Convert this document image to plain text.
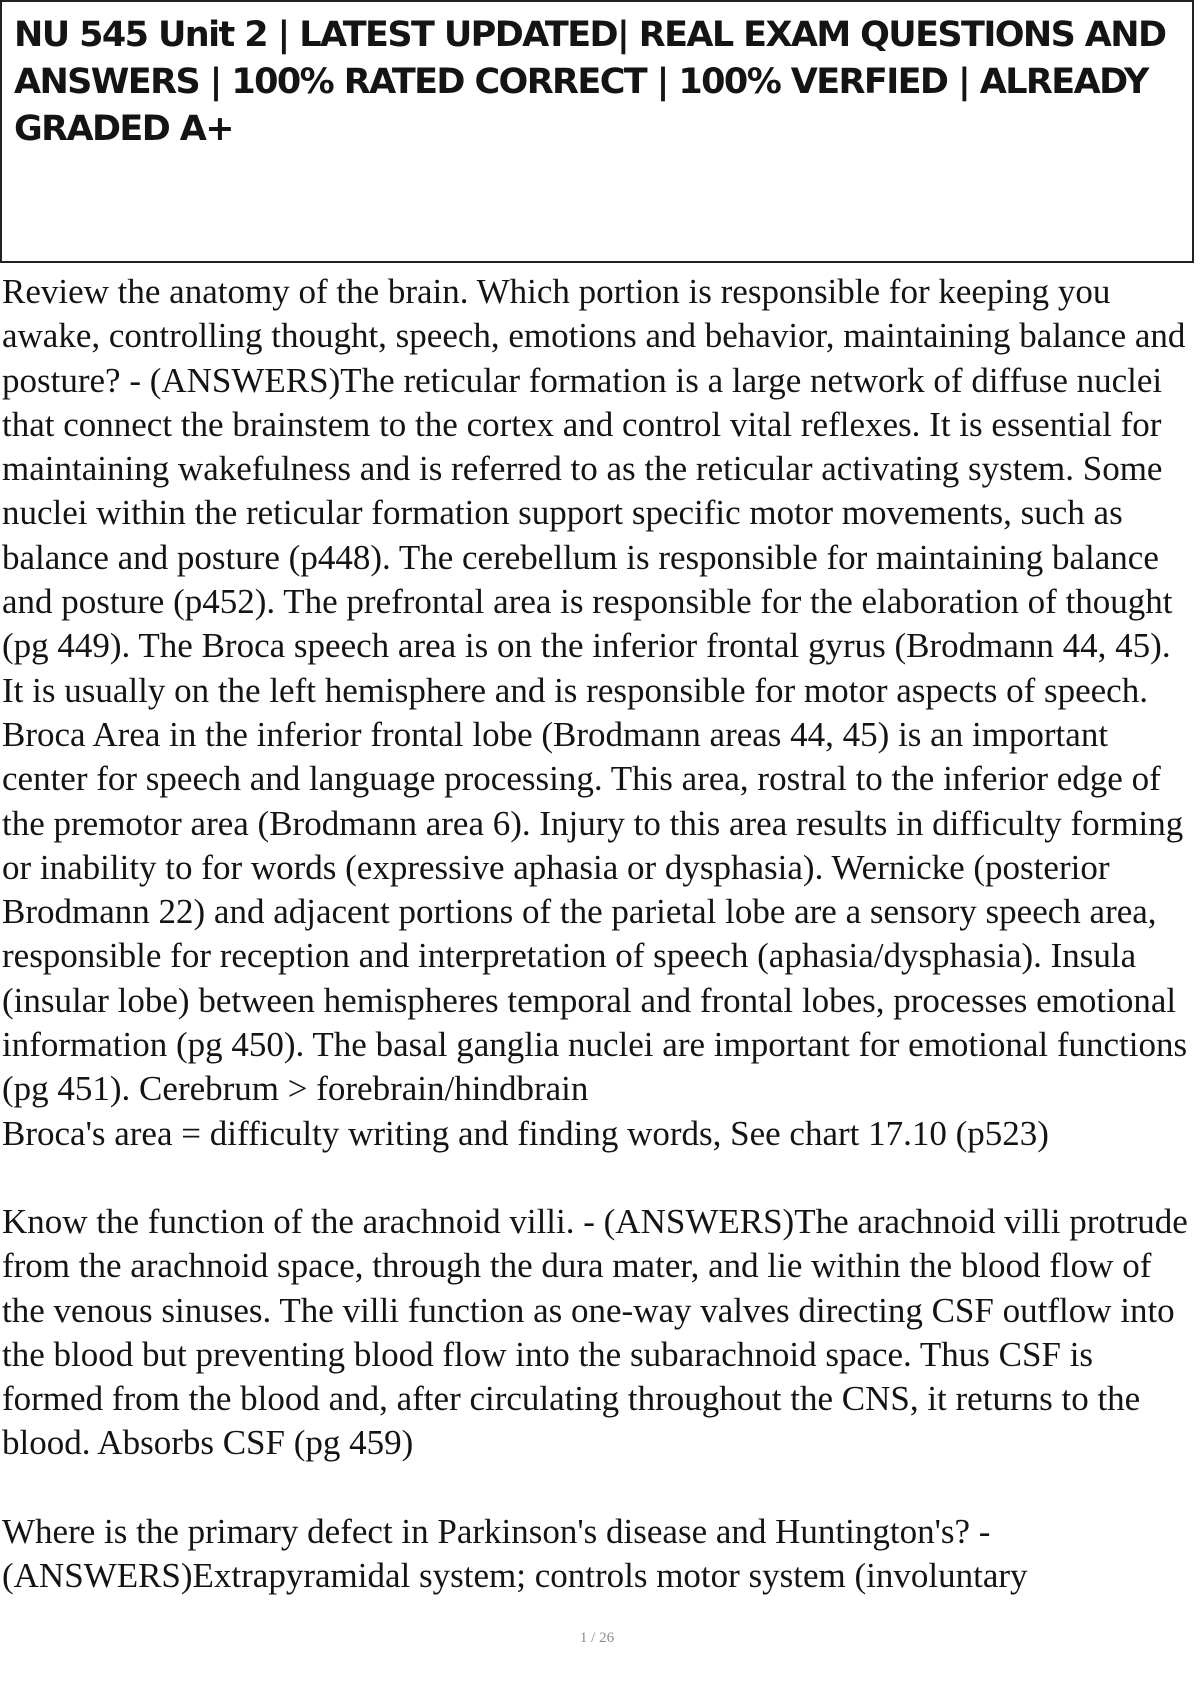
NU 545 Unit 2 | LATEST UPDATED| REAL EXAM QUESTIONS AND ANSWERS | 100% RATED CORRECT | 100% VERFIED | ALREADY GRADED A+

Review the anatomy of the brain. Which portion is responsible for keeping you awake, controlling thought, speech, emotions and behavior, maintaining balance and posture? - (ANSWERS)The reticular formation is a large network of diffuse nuclei that connect the brainstem to the cortex and control vital reflexes. It is essential for maintaining wakefulness and is referred to as the reticular activating system. Some nuclei within the reticular formation support specific motor movements, such as balance and posture (p448). The cerebellum is responsible for maintaining balance and posture (p452). The prefrontal area is responsible for the elaboration of thought (pg 449). The Broca speech area is on the inferior frontal gyrus (Brodmann 44, 45). It is usually on the left hemisphere and is responsible for motor aspects of speech. Broca Area in the inferior frontal lobe (Brodmann areas 44, 45) is an important center for speech and language processing. This area, rostral to the inferior edge of the premotor area (Brodmann area 6). Injury to this area results in difficulty forming or inability to for words (expressive aphasia or dysphasia). Wernicke (posterior Brodmann 22) and adjacent portions of the parietal lobe are a sensory speech area, responsible for reception and interpretation of speech (aphasia/dysphasia). Insula (insular lobe) between hemispheres temporal and frontal lobes, processes emotional information (pg 450). The basal ganglia nuclei are important for emotional functions (pg 451). Cerebrum > forebrain/hindbrain

Broca's area = difficulty writing and finding words, See chart 17.10 (p523)

Know the function of the arachnoid villi. - (ANSWERS)The arachnoid villi protrude from the arachnoid space, through the dura mater, and lie within the blood flow of the venous sinuses. The villi function as one-way valves directing CSF outflow into the blood but preventing blood flow into the subarachnoid space. Thus CSF is formed from the blood and, after circulating throughout the CNS, it returns to the blood. Absorbs CSF (pg 459)

Where is the primary defect in Parkinson's disease and Huntington's? - (ANSWERS)Extrapyramidal system; controls motor system (involuntary

1 / 26
